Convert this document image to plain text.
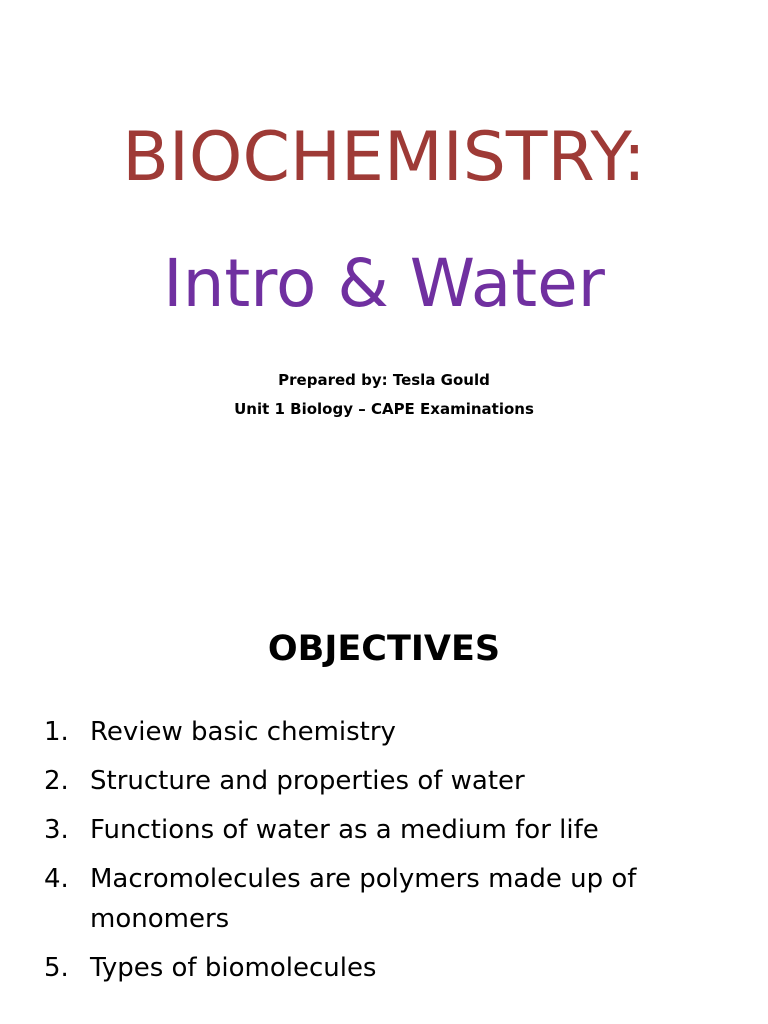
BIOCHEMISTRY:
Intro & Water
Prepared by: Tesla Gould
Unit 1 Biology – CAPE Examinations
OBJECTIVES
1. Review basic chemistry
2. Structure and properties of water
3. Functions of water as a medium for life
4. Macromolecules are polymers made up of monomers
5. Types of biomolecules
